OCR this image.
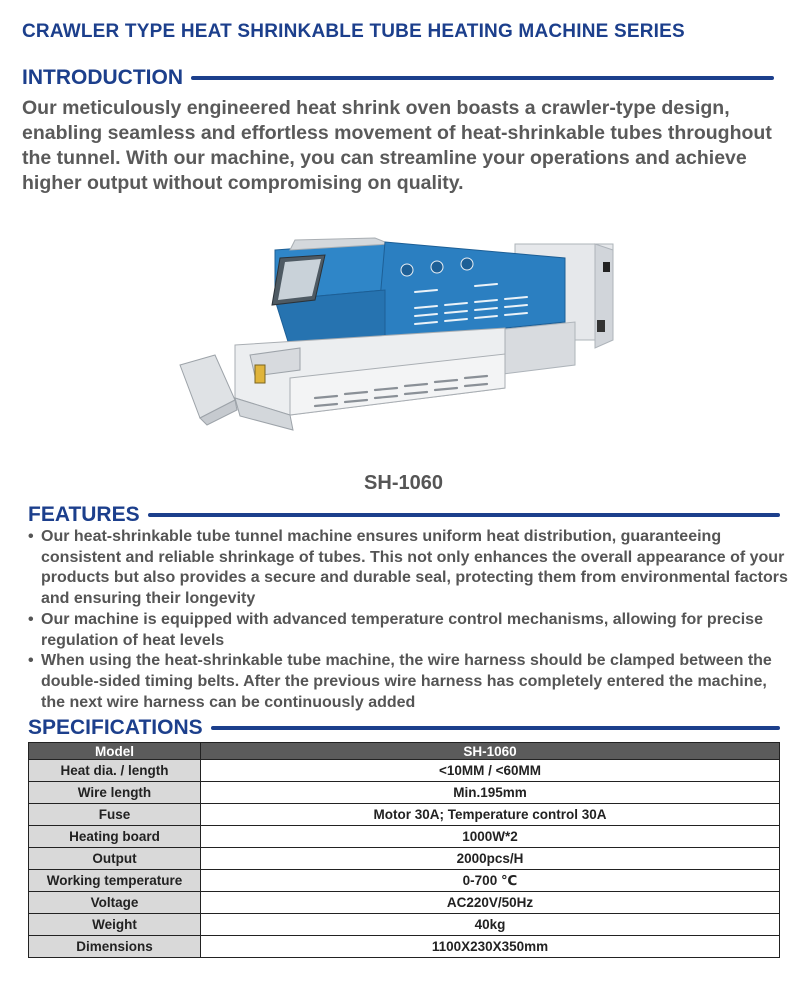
CRAWLER TYPE HEAT SHRINKABLE TUBE HEATING MACHINE SERIES
INTRODUCTION
Our meticulously engineered heat shrink oven boasts a crawler-type design, enabling seamless and effortless movement of heat-shrinkable tubes throughout the tunnel. With our machine, you can streamline your operations and achieve higher output without compromising on quality.
SH-1060
FEATURES
• Our heat-shrinkable tube tunnel machine ensures uniform heat distribution, guaranteeing consistent and reliable shrinkage of tubes. This not only enhances the overall appearance of your products but also provides a secure and durable seal, protecting them from environmental factors and ensuring their longevity
• Our machine is equipped with advanced temperature control mechanisms, allowing for precise regulation of heat levels
• When using the heat-shrinkable tube machine, the wire harness should be clamped between the double-sided timing belts. After the previous wire harness has completely entered the machine, the next wire harness can be continuously added
SPECIFICATIONS
Model	SH-1060
Heat dia. / length	<10MM / <60MM
Wire length	Min.195mm
Fuse	Motor 30A; Temperature control 30A
Heating board	1000W*2
Output	2000pcs/H
Working temperature	0-700 ℃
Voltage	AC220V/50Hz
Weight	40kg
Dimensions	1100X230X350mm
